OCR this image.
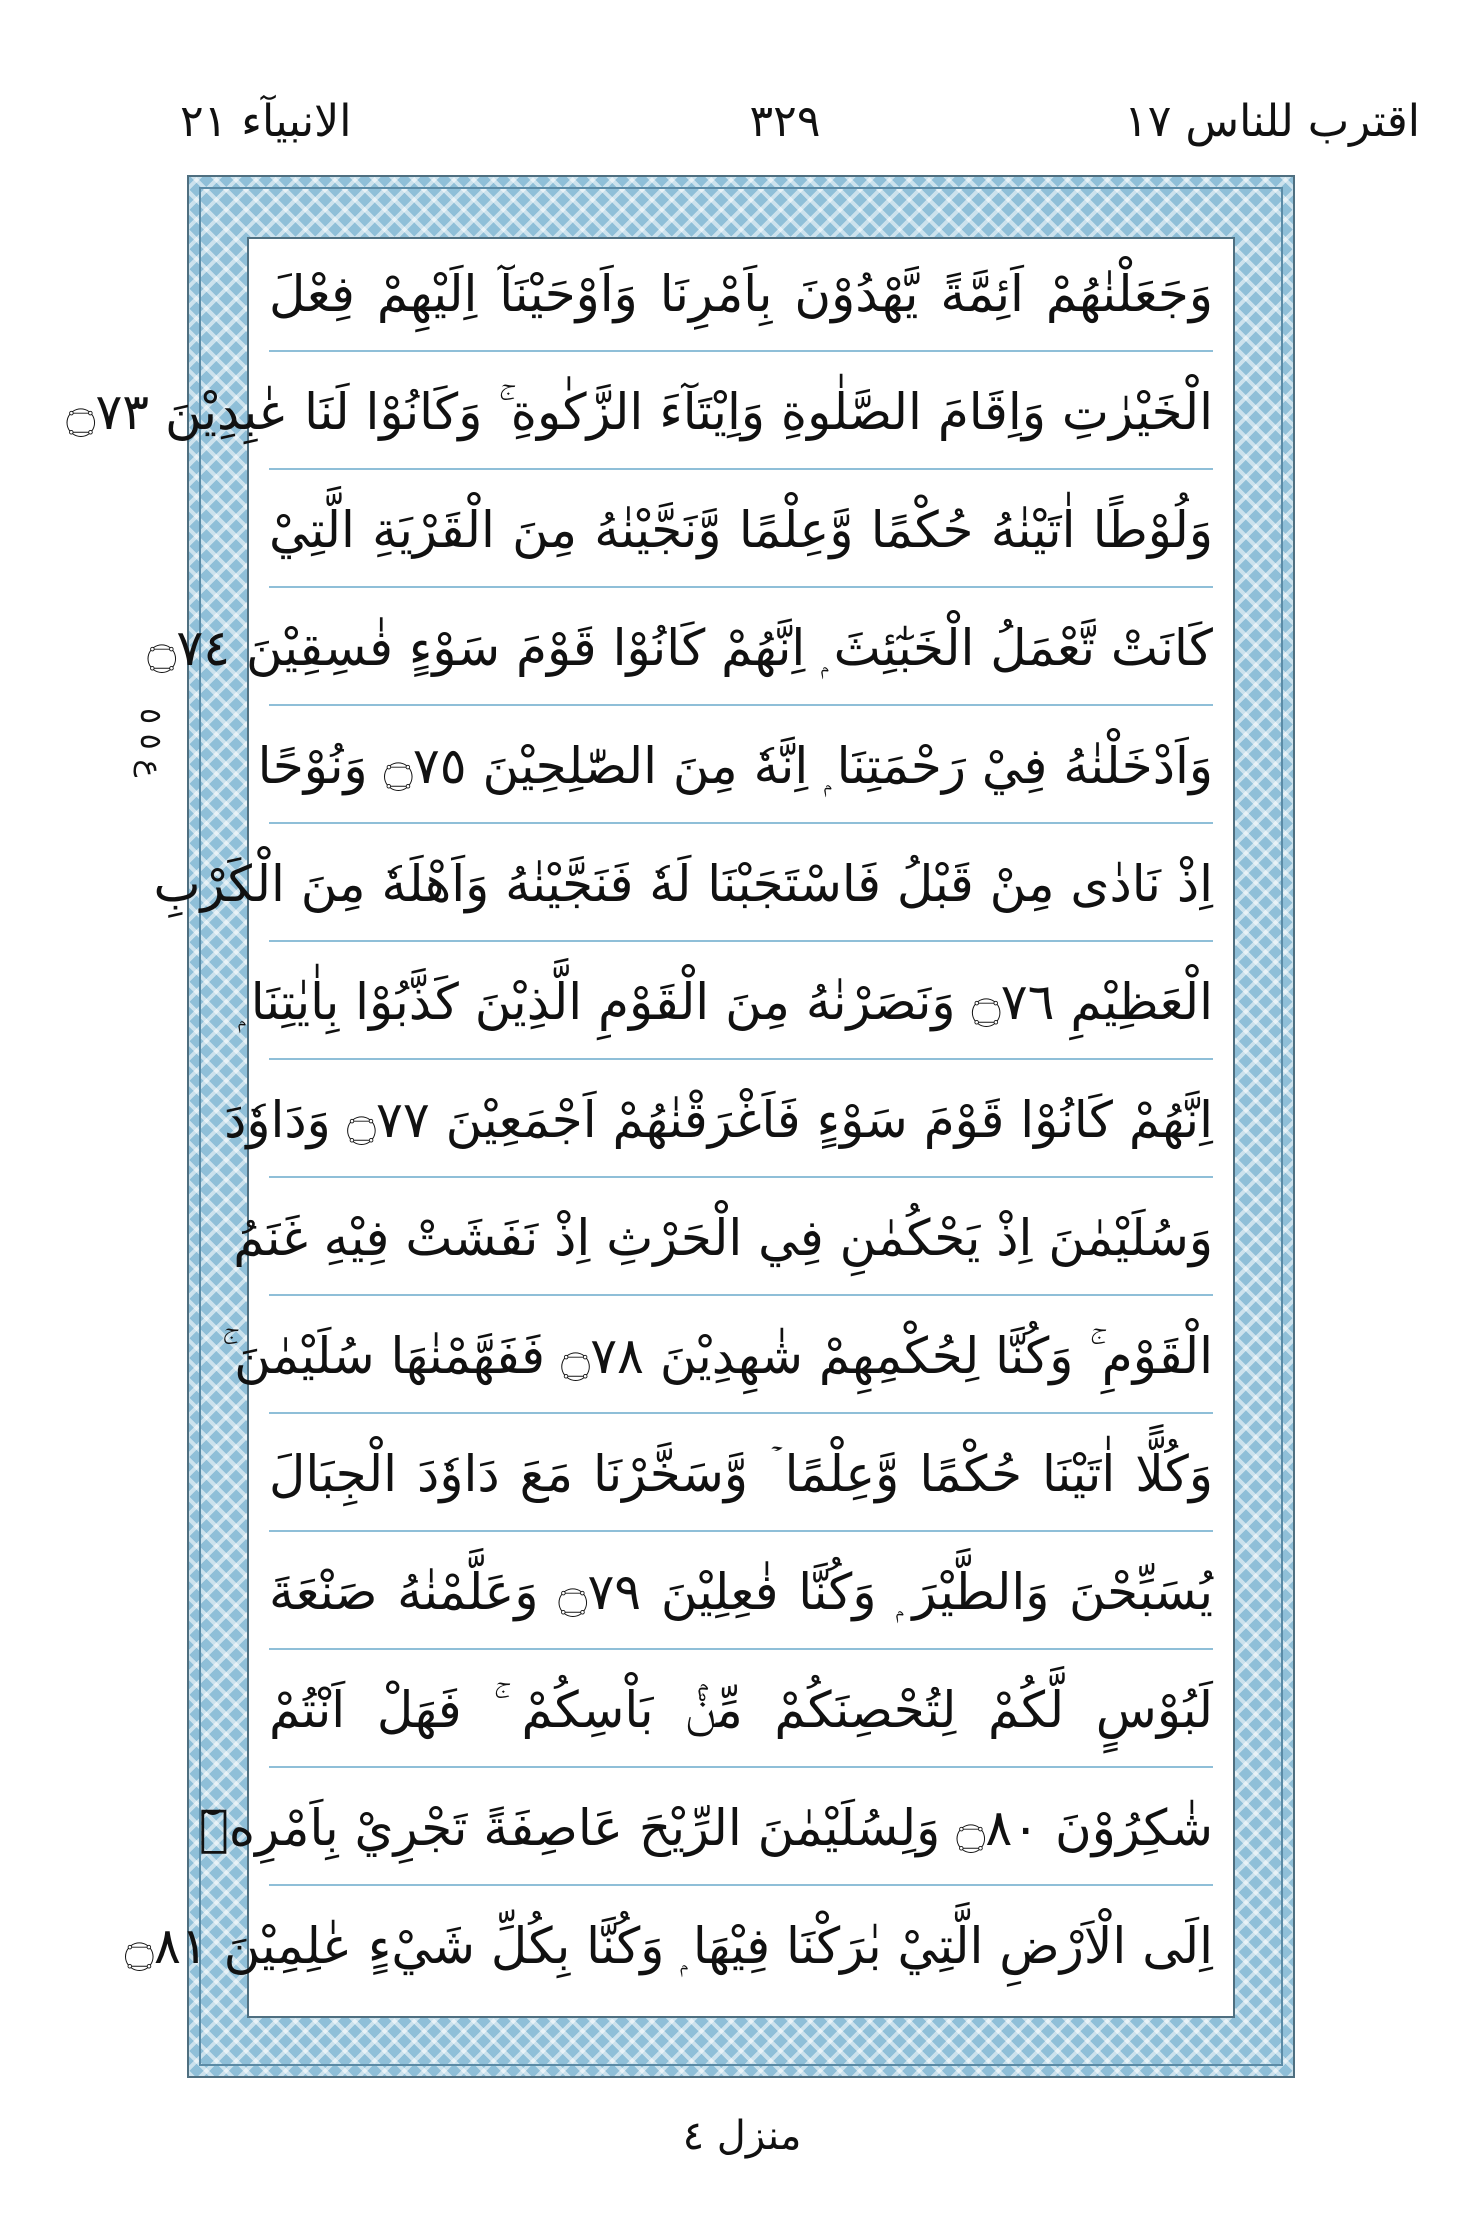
اقترب للناس ١٧
٣٢٩
الانبيآء ٢١
ع ٥ ٥
وَجَعَلْنٰهُمْ اَئِمَّةً يَّهْدُوْنَ بِاَمْرِنَا وَاَوْحَيْنَآ اِلَيْهِمْ فِعْلَ
الْخَيْرٰتِ وَاِقَامَ الصَّلٰوةِ وَاِيْتَآءَ الزَّكٰوةِ ۚ وَكَانُوْا لَنَا عٰبِدِيْنَ ۝٧٣
وَلُوْطًا اٰتَيْنٰهُ حُكْمًا وَّعِلْمًا وَّنَجَّيْنٰهُ مِنَ الْقَرْيَةِ الَّتِيْ
كَانَتْ تَّعْمَلُ الْخَبٰٓئِثَ ۭ اِنَّهُمْ كَانُوْا قَوْمَ سَوْءٍ فٰسِقِيْنَ ۝٧٤
وَاَدْخَلْنٰهُ فِيْ رَحْمَتِنَا ۭ اِنَّهٗ مِنَ الصّٰلِحِيْنَ ۝٧٥ وَنُوْحًا
اِذْ نَادٰى مِنْ قَبْلُ فَاسْتَجَبْنَا لَهٗ فَنَجَّيْنٰهُ وَاَهْلَهٗ مِنَ الْكَرْبِ
الْعَظِيْمِ ۝٧٦ وَنَصَرْنٰهُ مِنَ الْقَوْمِ الَّذِيْنَ كَذَّبُوْا بِاٰيٰتِنَا ۭ
اِنَّهُمْ كَانُوْا قَوْمَ سَوْءٍ فَاَغْرَقْنٰهُمْ اَجْمَعِيْنَ ۝٧٧ وَدَاوٗدَ
وَسُلَيْمٰنَ اِذْ يَحْكُمٰنِ فِي الْحَرْثِ اِذْ نَفَشَتْ فِيْهِ غَنَمُ
الْقَوْمِ ۚ وَكُنَّا لِحُكْمِهِمْ شٰهِدِيْنَ ۝٧٨ فَفَهَّمْنٰهَا سُلَيْمٰنَ ۚ
وَكُلًّا اٰتَيْنَا حُكْمًا وَّعِلْمًا ۡ وَّسَخَّرْنَا مَعَ دَاوٗدَ الْجِبَالَ
يُسَبِّحْنَ وَالطَّيْرَ ۭ وَكُنَّا فٰعِلِيْنَ ۝٧٩ وَعَلَّمْنٰهُ صَنْعَةَ
لَبُوْسٍ لَّكُمْ لِتُحْصِنَكُمْ مِّنْۢ بَاْسِكُمْ ۚ فَهَلْ اَنْتُمْ
شٰكِرُوْنَ ۝٨٠ وَلِسُلَيْمٰنَ الرِّيْحَ عَاصِفَةً تَجْرِيْ بِاَمْرِهٖٓ
اِلَى الْاَرْضِ الَّتِيْ بٰرَكْنَا فِيْهَا ۭ وَكُنَّا بِكُلِّ شَيْءٍ عٰلِمِيْنَ ۝٨١
منزل ٤
